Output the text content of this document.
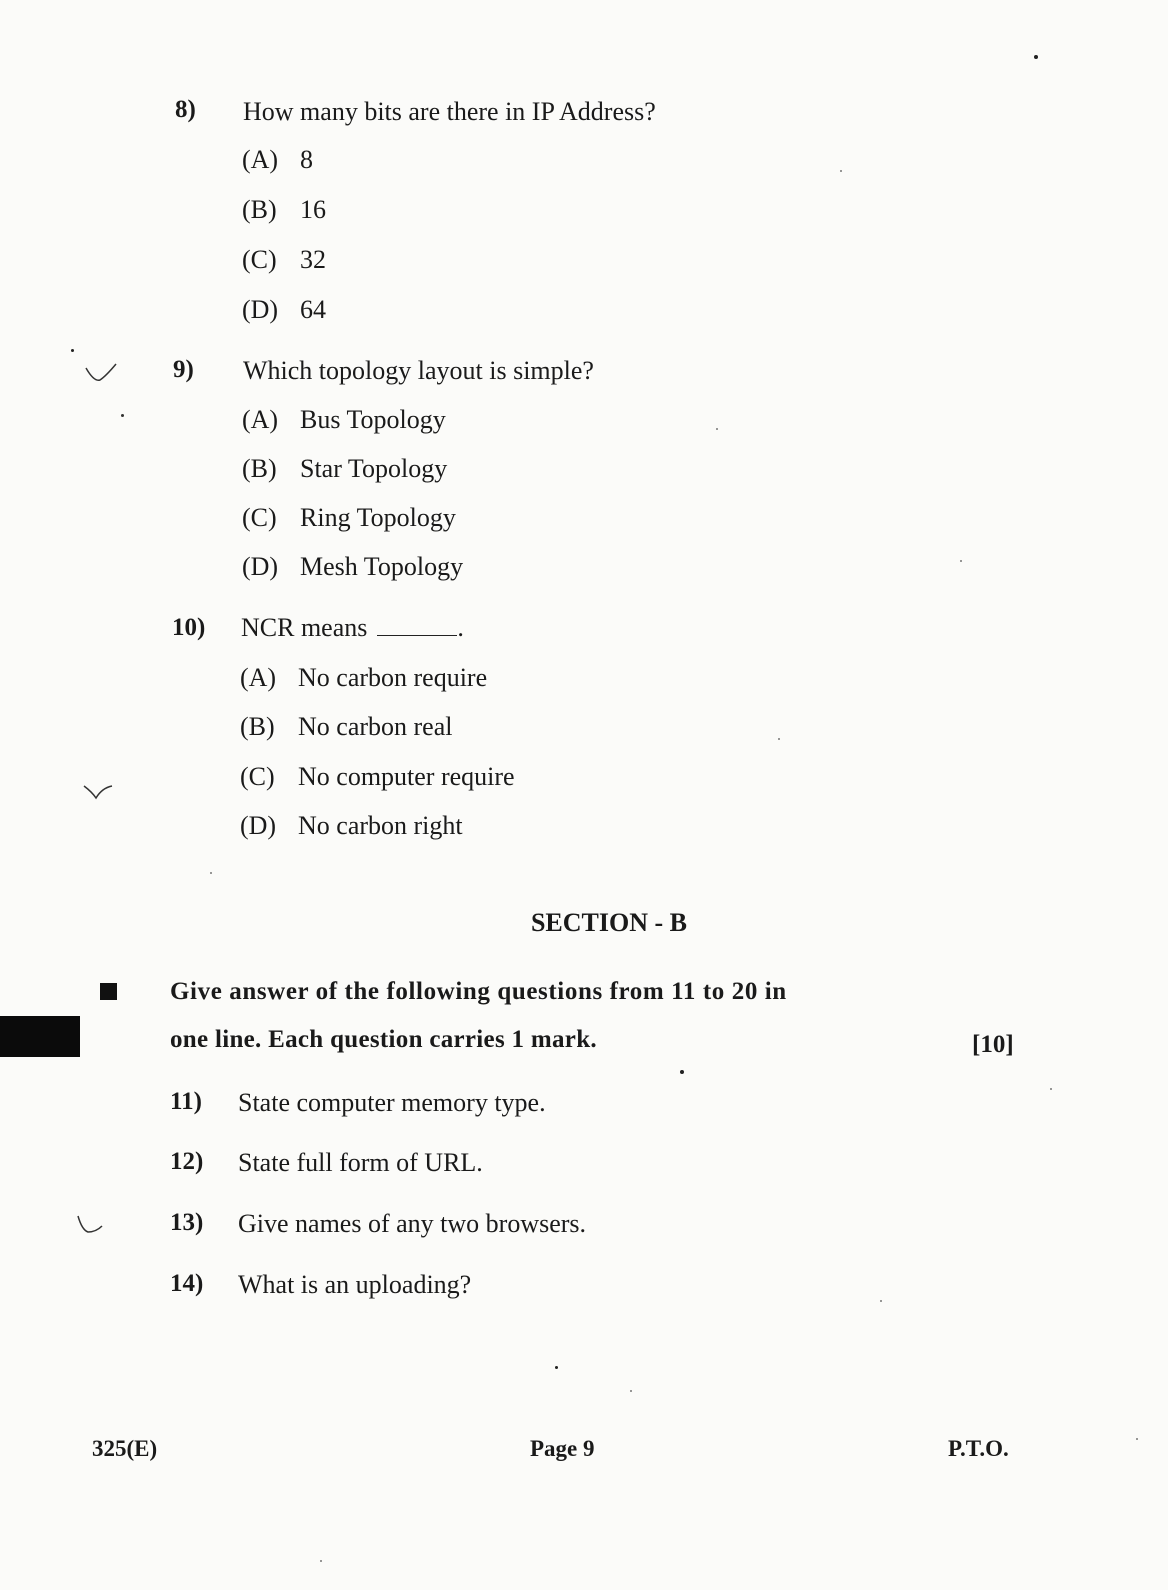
8) How many bits are there in IP Address?
(A) 8
(B) 16
(C) 32
(D) 64
9) Which topology layout is simple?
(A) Bus Topology
(B) Star Topology
(C) Ring Topology
(D) Mesh Topology
10) NCR means	.
(A) No carbon require
(B) No carbon real
(C) No computer require
(D) No carbon right
SECTION - B
Give answer of the following questions from 11 to 20 in
one line. Each question carries 1 mark.	[10]
11) State computer memory type.
12) State full form of URL.
13) Give names of any two browsers.
14) What is an uploading?
325(E)	Page 9	P.T.O.
